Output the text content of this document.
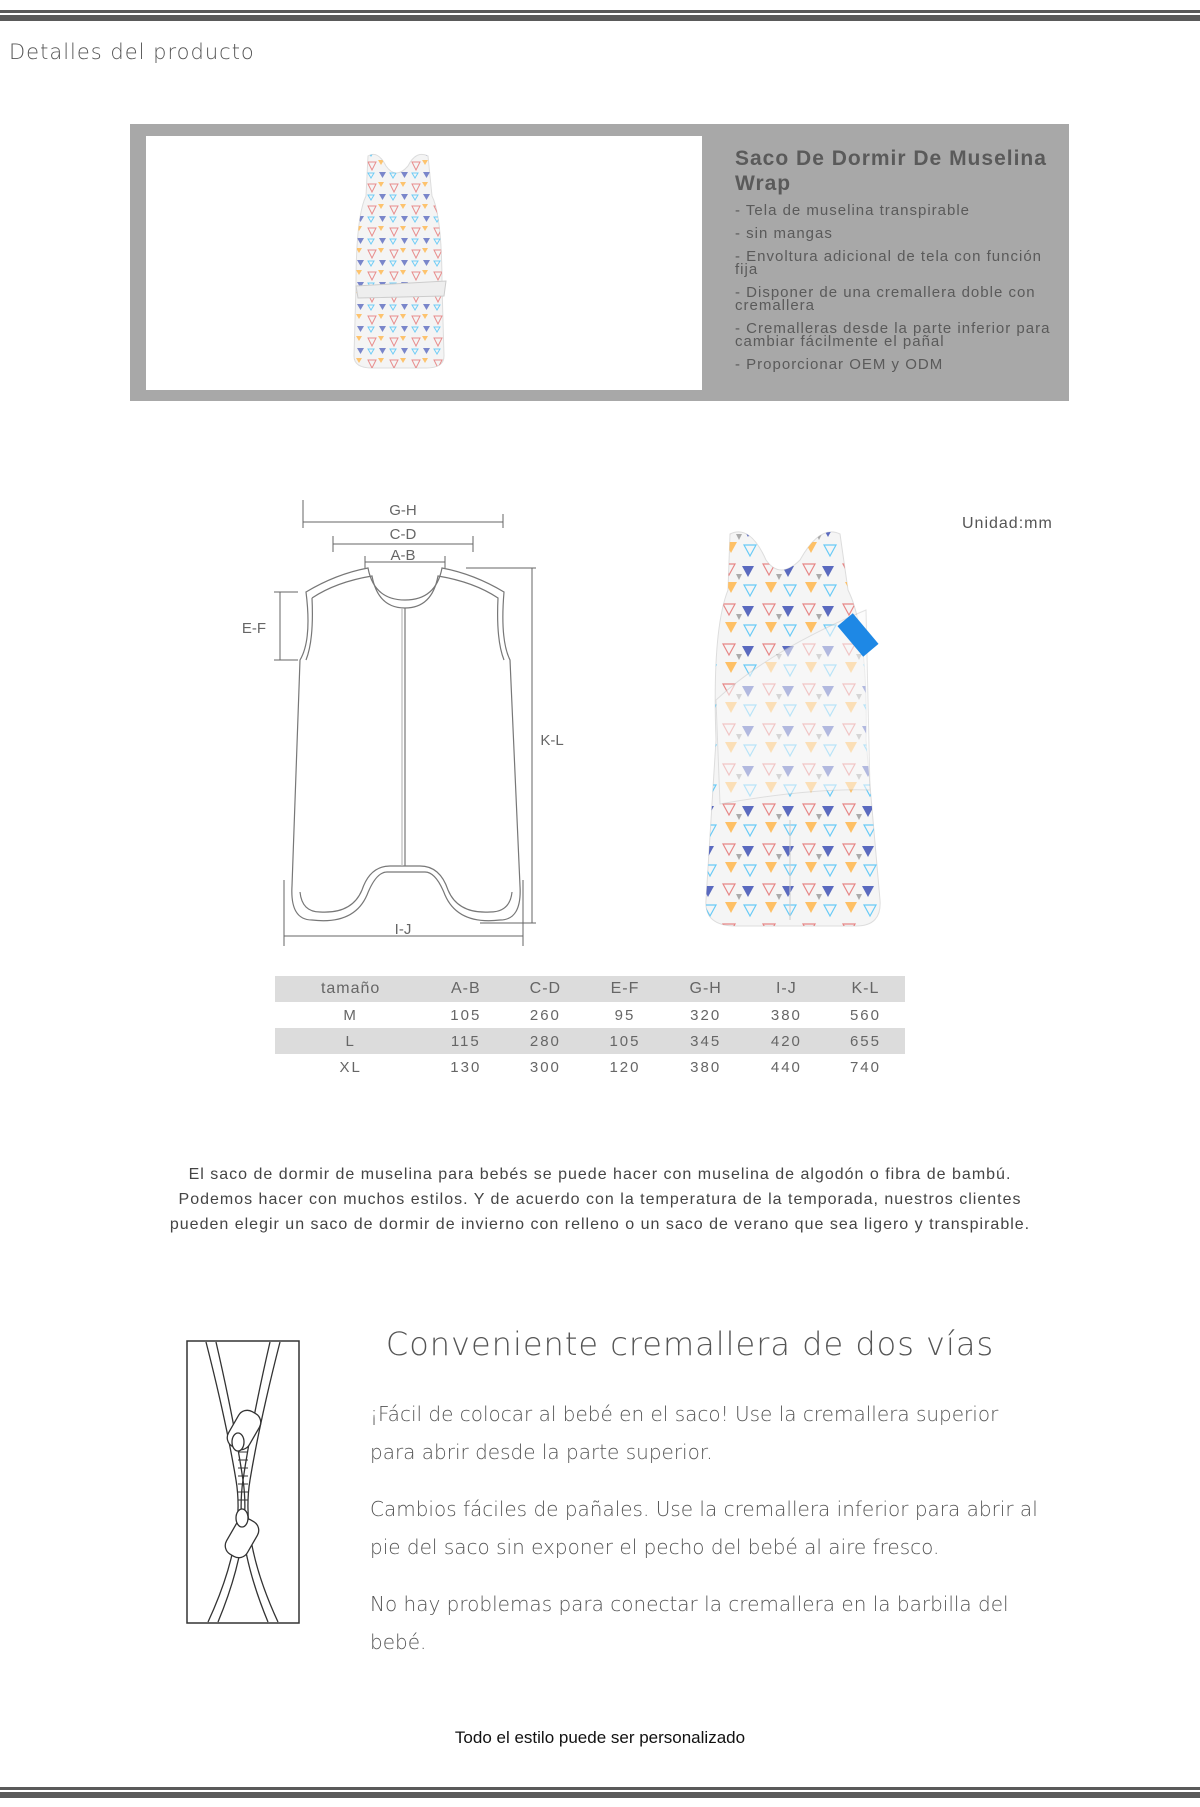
Detalles del producto
Saco De Dormir De Muselina Wrap
- Tela de muselina transpirable
- sin mangas
- Envoltura adicional de tela con función fija
- Disponer de una cremallera doble con cremallera
- Cremalleras desde la parte inferior para cambiar fácilmente el pañal
- Proporcionar OEM y ODM
G-H
C-D
A-B
E-F
K-L
I-J
Unidad:mm
tamaño	A-B	C-D	E-F	G-H	I-J	K-L
M	105	260	95	320	380	560
L	115	280	105	345	420	655
XL	130	300	120	380	440	740
El saco de dormir de muselina para bebés se puede hacer con muselina de algodón o fibra de bambú. Podemos hacer con muchos estilos. Y de acuerdo con la temperatura de la temporada, nuestros clientes pueden elegir un saco de dormir de invierno con relleno o un saco de verano que sea ligero y transpirable.
Conveniente cremallera de dos vías
¡Fácil de colocar al bebé en el saco! Use la cremallera superior para abrir desde la parte superior.
Cambios fáciles de pañales. Use la cremallera inferior para abrir al pie del saco sin exponer el pecho del bebé al aire fresco.
No hay problemas para conectar la cremallera en la barbilla del bebé.
Todo el estilo puede ser personalizado
